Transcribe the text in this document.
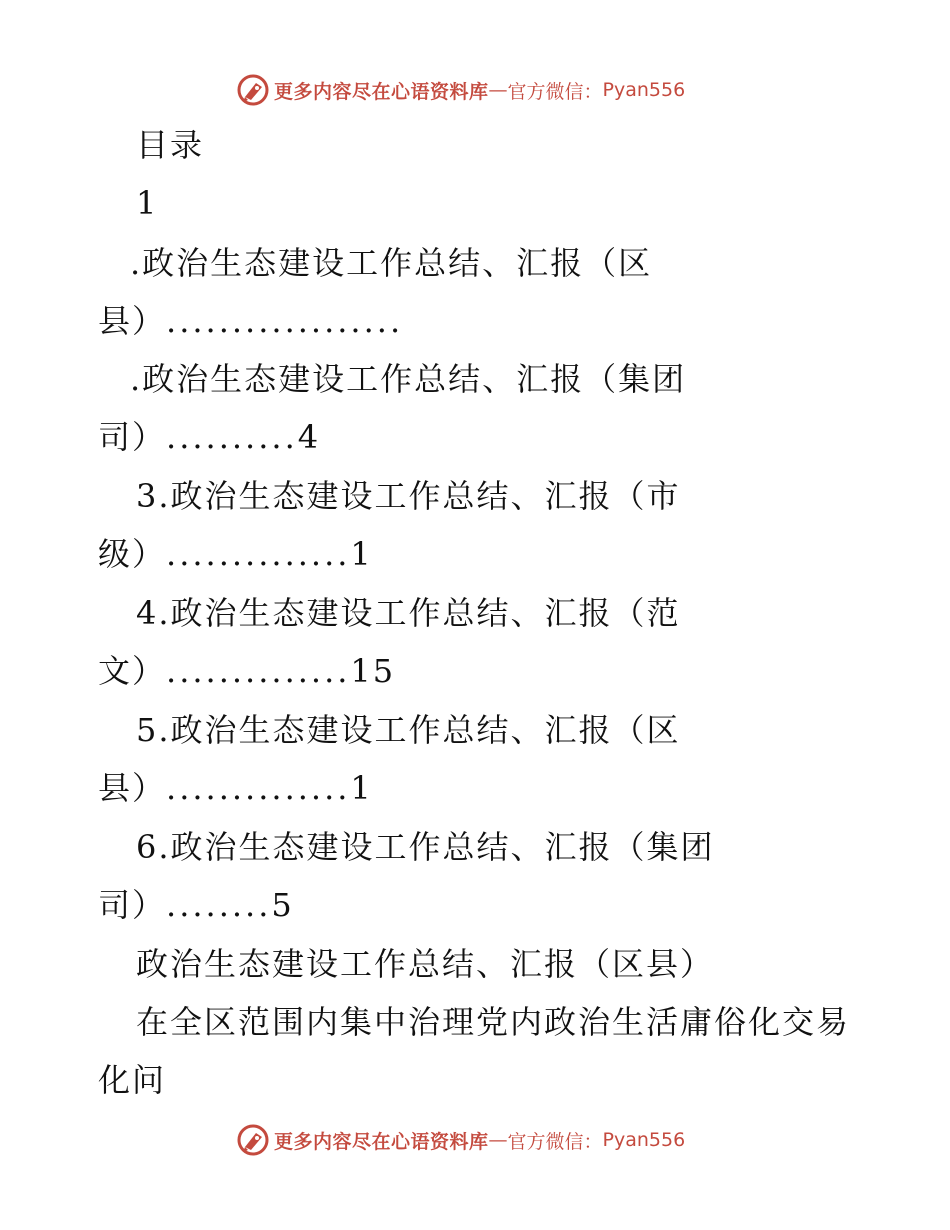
更多内容尽在心语资料库 — 官方微信： Pyan556
目录
1
.政治生态建设工作总结、汇报（区
县）..................
.政治生态建设工作总结、汇报（集团
司）..........4
3.政治生态建设工作总结、汇报（市
级）..............1
4.政治生态建设工作总结、汇报（范
文）..............15
5.政治生态建设工作总结、汇报（区
县）..............1
6.政治生态建设工作总结、汇报（集团
司）........5
政治生态建设工作总结、汇报（区县）
在全区范围内集中治理党内政治生活庸俗化交易
化问
更多内容尽在心语资料库 — 官方微信： Pyan556
